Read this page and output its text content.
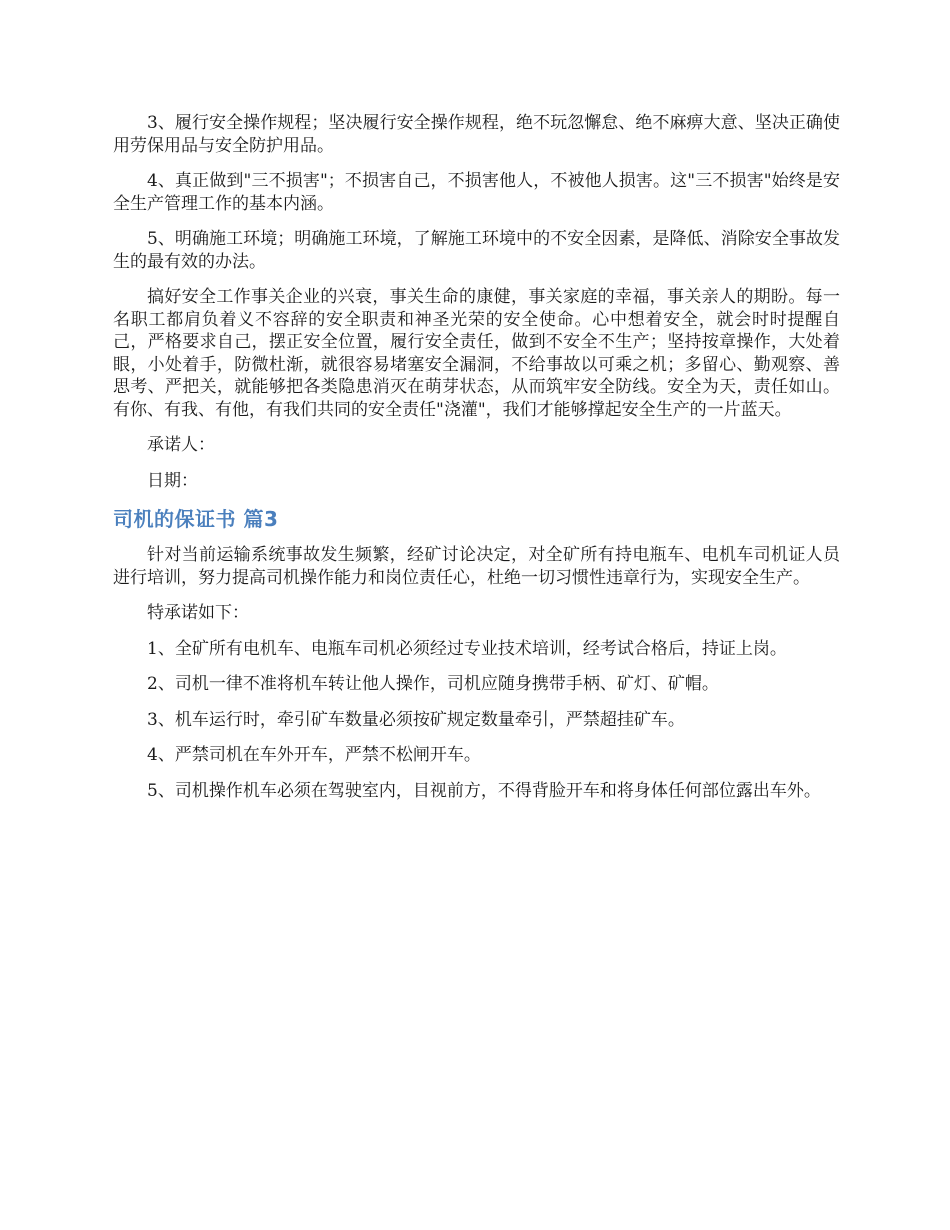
3、履行安全操作规程；坚决履行安全操作规程，绝不玩忽懈怠、绝不麻痹大意、坚决正确使用劳保用品与安全防护用品。

4、真正做到"三不损害"；不损害自己，不损害他人，不被他人损害。这"三不损害"始终是安全生产管理工作的基本内涵。

5、明确施工环境；明确施工环境，了解施工环境中的不安全因素，是降低、消除安全事故发生的最有效的办法。

搞好安全工作事关企业的兴衰，事关生命的康健，事关家庭的幸福，事关亲人的期盼。每一名职工都肩负着义不容辞的安全职责和神圣光荣的安全使命。心中想着安全，就会时时提醒自己，严格要求自己，摆正安全位置，履行安全责任，做到不安全不生产；坚持按章操作，大处着眼，小处着手，防微杜渐，就很容易堵塞安全漏洞，不给事故以可乘之机；多留心、勤观察、善思考、严把关，就能够把各类隐患消灭在萌芽状态，从而筑牢安全防线。安全为天，责任如山。有你、有我、有他，有我们共同的安全责任"浇灌"，我们才能够撑起安全生产的一片蓝天。

承诺人：

日期：

司机的保证书 篇3

针对当前运输系统事故发生频繁，经矿讨论决定，对全矿所有持电瓶车、电机车司机证人员进行培训，努力提高司机操作能力和岗位责任心，杜绝一切习惯性违章行为，实现安全生产。

特承诺如下：

1、全矿所有电机车、电瓶车司机必须经过专业技术培训，经考试合格后，持证上岗。

2、司机一律不准将机车转让他人操作，司机应随身携带手柄、矿灯、矿帽。

3、机车运行时，牵引矿车数量必须按矿规定数量牵引，严禁超挂矿车。

4、严禁司机在车外开车，严禁不松闸开车。

5、司机操作机车必须在驾驶室内，目视前方，不得背脸开车和将身体任何部位露出车外。
